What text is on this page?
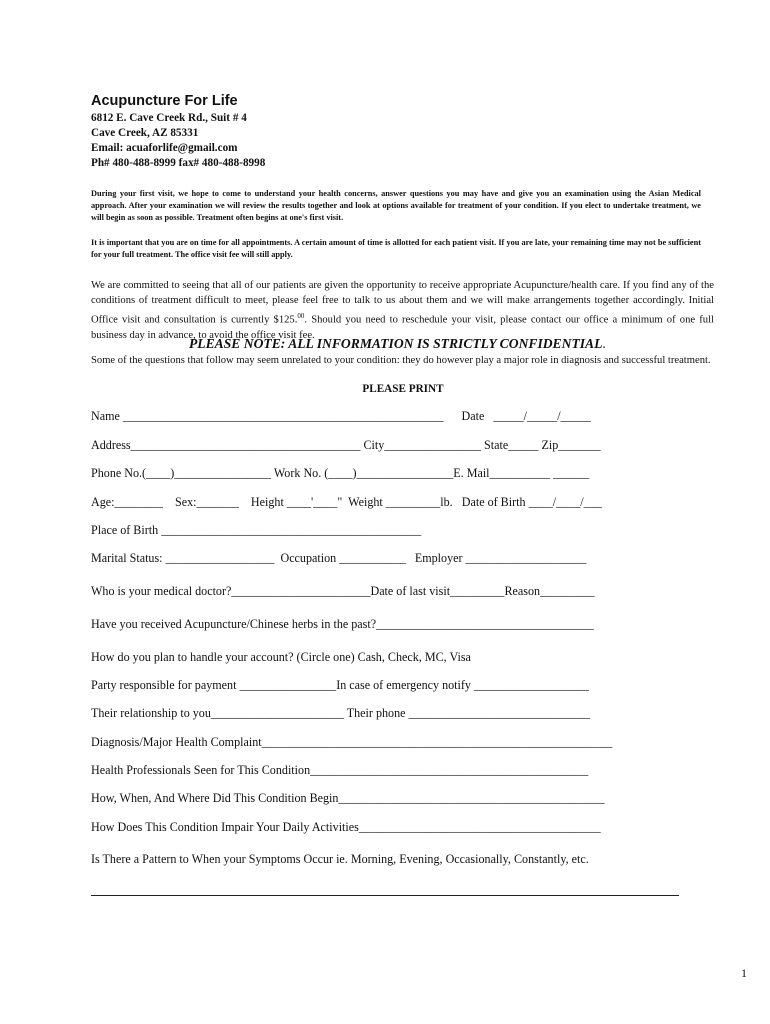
Acupuncture For Life
6812 E. Cave Creek Rd., Suit # 4
Cave Creek, AZ 85331
Email: acuaforlife@gmail.com
Ph# 480-488-8999 fax# 480-488-8998
During your first visit, we hope to come to understand your health concerns, answer questions you may have and give you an examination using the Asian Medical approach. After your examination we will review the results together and look at options available for treatment of your condition. If you elect to undertake treatment, we will begin as soon as possible. Treatment often begins at one's first visit.
It is important that you are on time for all appointments. A certain amount of time is allotted for each patient visit. If you are late, your remaining time may not be sufficient for your full treatment. The office visit fee will still apply.
We are committed to seeing that all of our patients are given the opportunity to receive appropriate Acupuncture/health care. If you find any of the conditions of treatment difficult to meet, please feel free to talk to us about them and we will make arrangements together accordingly. Initial Office visit and consultation is currently $125.00. Should you need to reschedule your visit, please contact our office a minimum of one full business day in advance, to avoid the office visit fee.
PLEASE NOTE: ALL INFORMATION IS STRICTLY CONFIDENTIAL.
Some of the questions that follow may seem unrelated to your condition: they do however play a major role in diagnosis and successful treatment.
PLEASE PRINT
Name _____________________________________________________      Date   _____/_____/_____
Address______________________________________ City________________ State_____ Zip_______
Phone No.(____)________________ Work No. (____)________________E. Mail__________ ______
Age:________    Sex:_______    Height ____'____"  Weight _________lb.   Date of Birth ____/____/___
Place of Birth ___________________________________________
Marital Status: __________________  Occupation ___________   Employer ____________________
Who is your medical doctor?_______________________Date of last visit_________Reason_________
Have you received Acupuncture/Chinese herbs in the past?____________________________________
How do you plan to handle your account? (Circle one) Cash, Check, MC, Visa
Party responsible for payment ________________In case of emergency notify ___________________
Their relationship to you______________________ Their phone ______________________________
Diagnosis/Major Health Complaint__________________________________________________________
Health Professionals Seen for This Condition______________________________________________
How, When, And Where Did This Condition Begin____________________________________________
How Does This Condition Impair Your Daily Activities________________________________________
Is There a Pattern to When your Symptoms Occur ie. Morning, Evening, Occasionally, Constantly, etc.
1
